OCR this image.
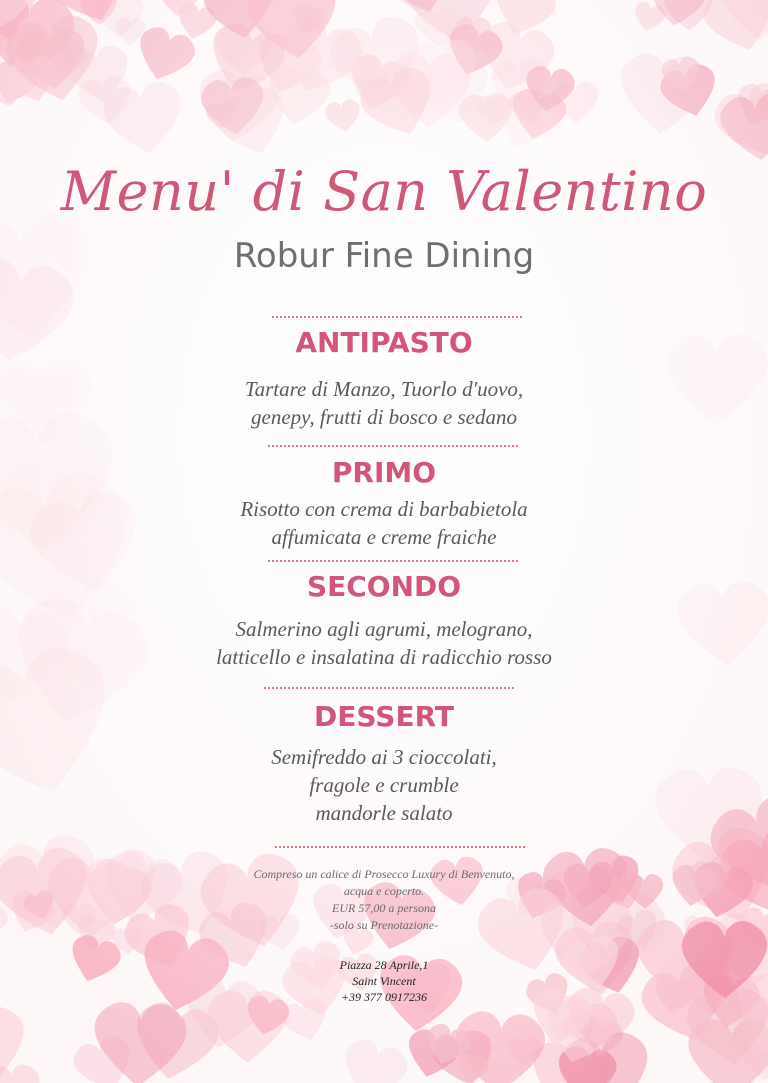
Menu' di San Valentino
Robur Fine Dining
ANTIPASTO
Tartare di Manzo, Tuorlo d'uovo,
genepy, frutti di bosco e sedano
PRIMO
Risotto con crema di barbabietola
affumicata e creme fraiche
SECONDO
Salmerino agli agrumi, melograno,
latticello e insalatina di radicchio rosso
DESSERT
Semifreddo ai 3 cioccolati,
fragole e crumble
mandorle salato
Compreso un calice di Prosecco Luxury di Benvenuto,
acqua e coperto.
EUR 57,00 a persona
-solo su Prenotazione-
Piazza 28 Aprile,1
Saint Vincent
+39 377 0917236
